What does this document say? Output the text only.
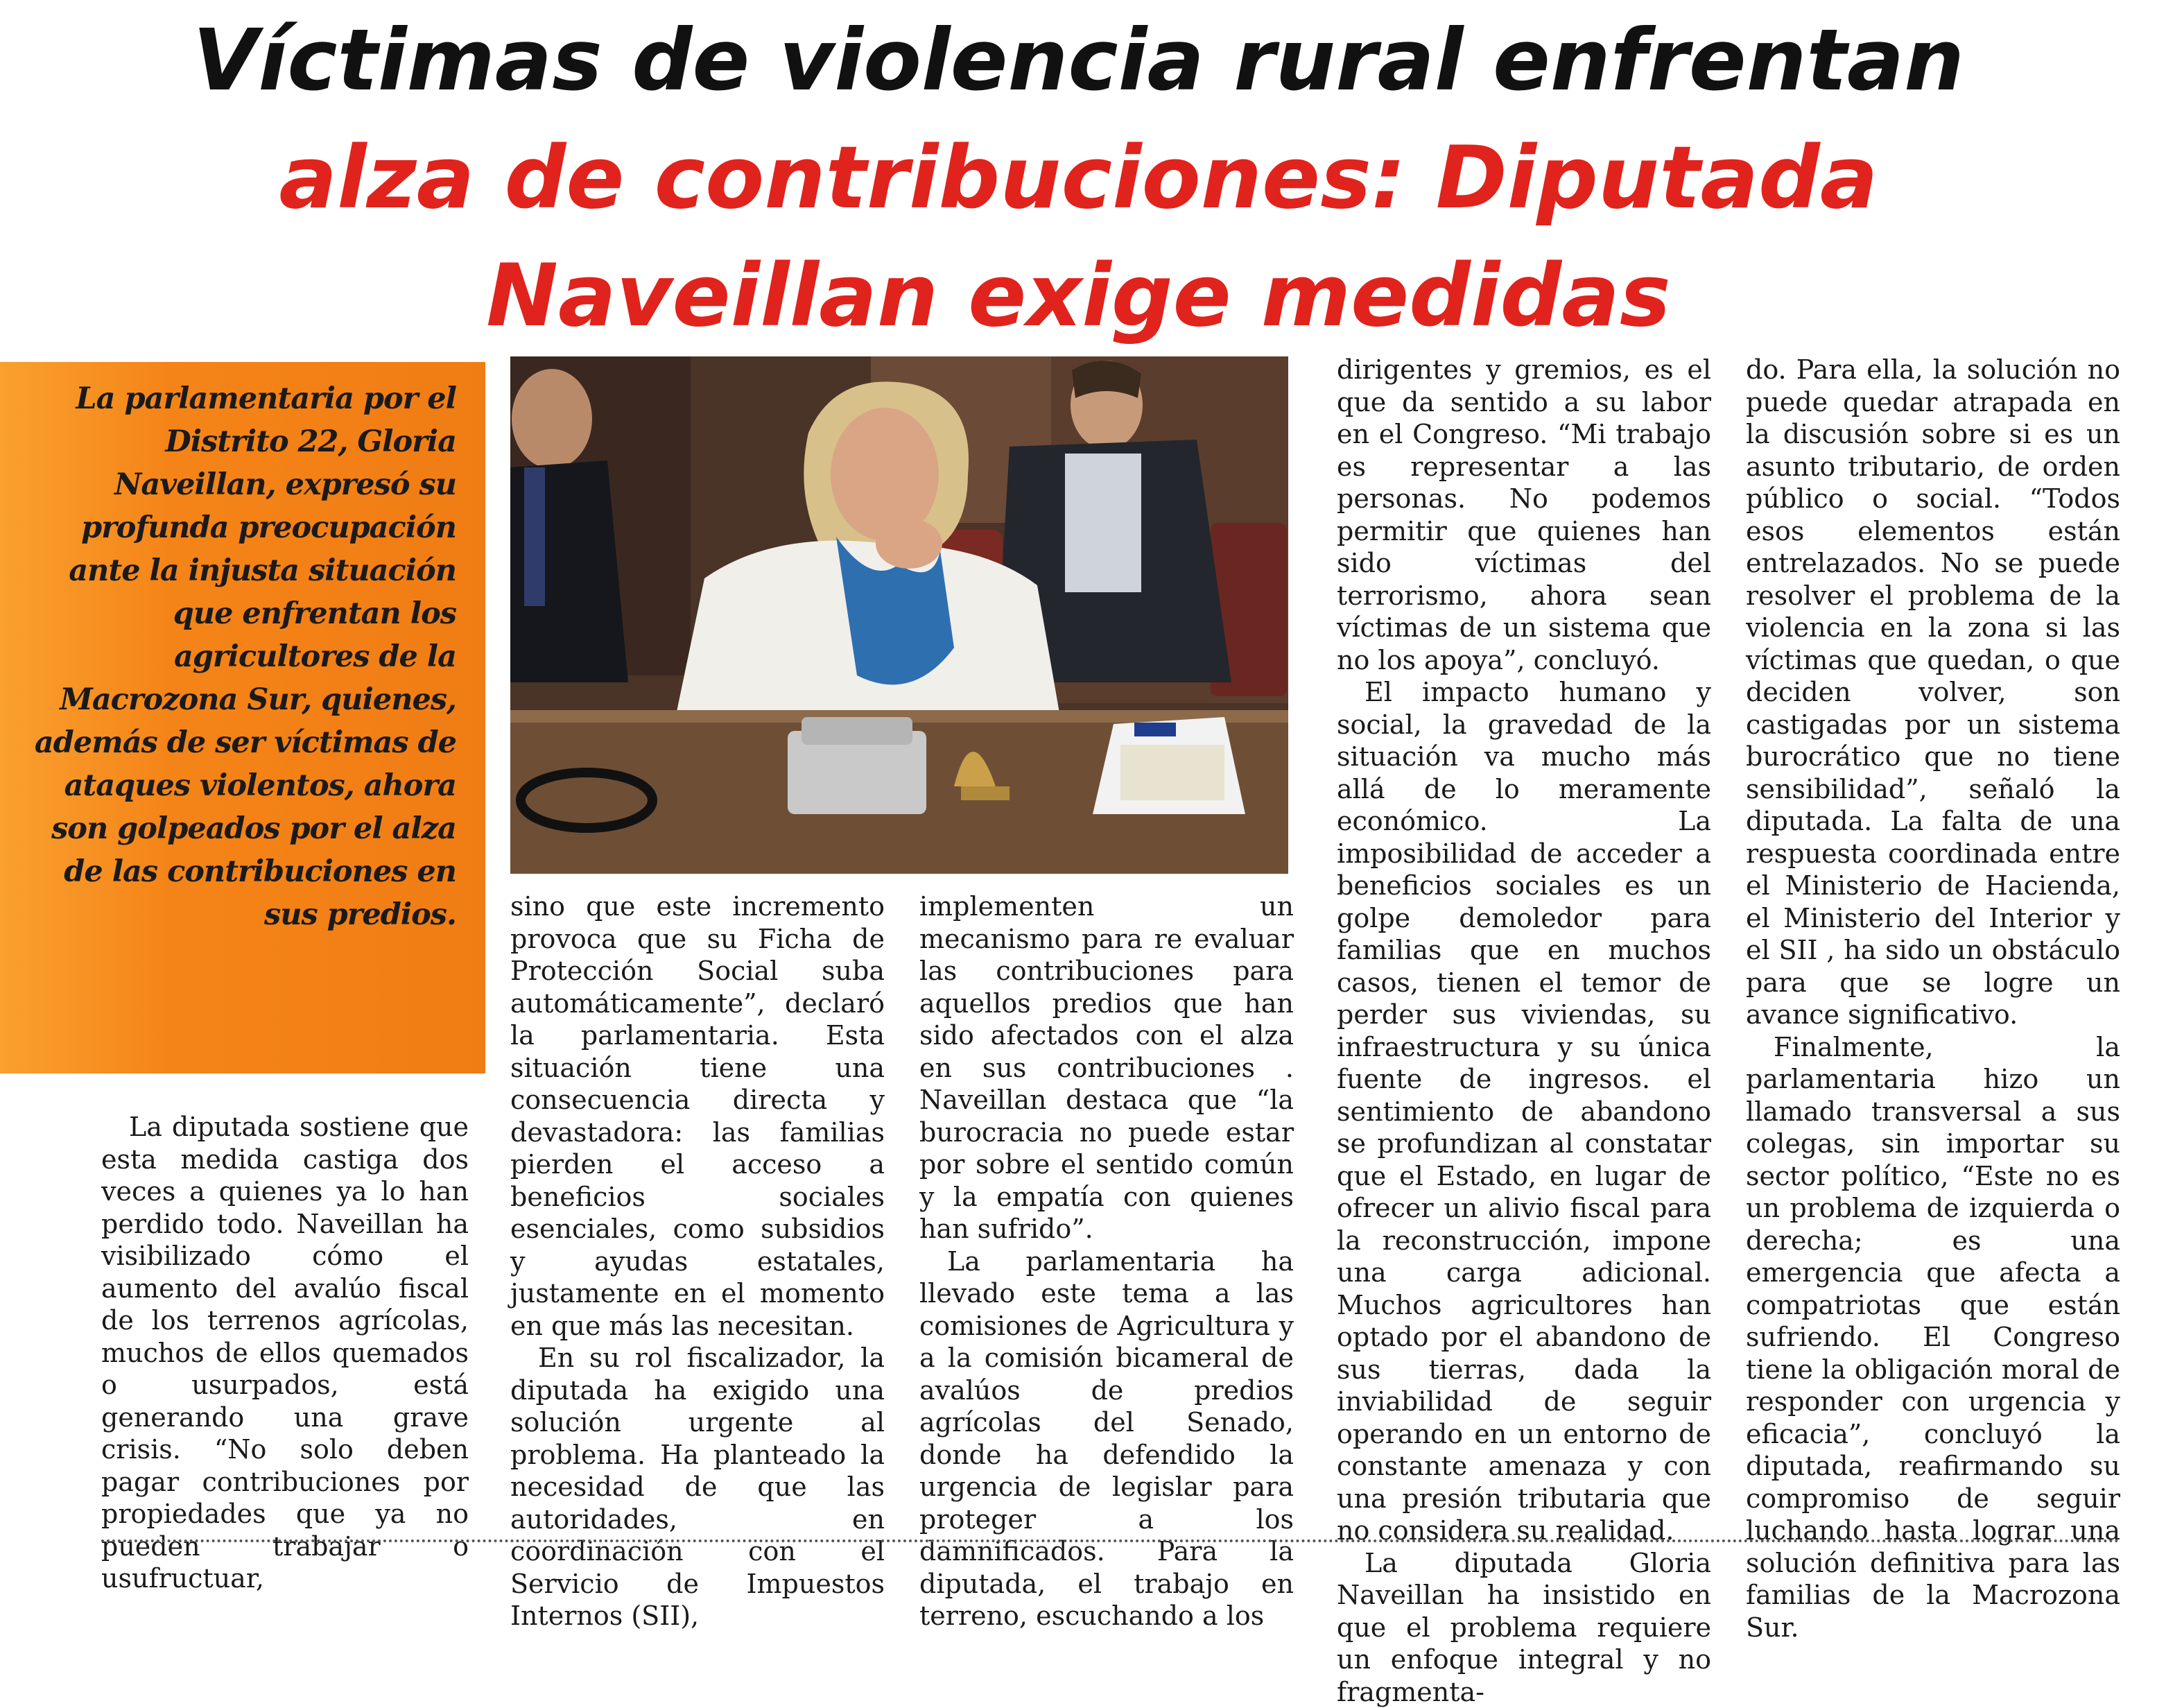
Víctimas de violencia rural enfrentan
alza de contribuciones: Diputada
Naveillan exige medidas

La parlamentaria por el Distrito 22, Gloria Naveillan, expresó su profunda preocupación ante la injusta situación que enfrentan los agricultores de la Macrozona Sur, quienes, además de ser víctimas de ataques violentos, ahora son golpeados por el alza de las contribuciones en sus predios.

La diputada sostiene que esta medida castiga dos veces a quienes ya lo han perdido todo. Naveillan ha visibilizado cómo el aumento del avalúo fiscal de los terrenos agrícolas, muchos de ellos quemados o usurpados, está generando una grave crisis. “No solo deben pagar contribuciones por propiedades que ya no pueden trabajar o usufructuar,

sino que este incremento provoca que su Ficha de Protección Social suba automáticamente”, declaró la parlamentaria. Esta situación tiene una consecuencia directa y devastadora: las familias pierden el acceso a beneficios sociales esenciales, como subsidios y ayudas estatales, justamente en el momento en que más las necesitan.

En su rol fiscalizador, la diputada ha exigido una solución urgente al problema. Ha planteado la necesidad de que las autoridades, en coordinación con el Servicio de Impuestos Internos (SII),

implementen un mecanismo para re evaluar las contribuciones para aquellos predios que han sido afectados con el alza en sus contribuciones . Naveillan destaca que “la burocracia no puede estar por sobre el sentido común y la empatía con quienes han sufrido”.

La parlamentaria ha llevado este tema a las comisiones de Agricultura y a la comisión bicameral de avalúos de predios agrícolas del Senado, donde ha defendido la urgencia de legislar para proteger a los damnificados. Para la diputada, el trabajo en terreno, escuchando a los

dirigentes y gremios, es el que da sentido a su labor en el Congreso. “Mi trabajo es representar a las personas. No podemos permitir que quienes han sido víctimas del terrorismo, ahora sean víctimas de un sistema que no los apoya”, concluyó.

El impacto humano y social, la gravedad de la situación va mucho más allá de lo meramente económico. La imposibilidad de acceder a beneficios sociales es un golpe demoledor para familias que en muchos casos, tienen el temor de perder sus viviendas, su infraestructura y su única fuente de ingresos. el sentimiento de abandono se profundizan al constatar que el Estado, en lugar de ofrecer un alivio fiscal para la reconstrucción, impone una carga adicional. Muchos agricultores han optado por el abandono de sus tierras, dada la inviabilidad de seguir operando en un entorno de constante amenaza y con una presión tributaria que no considera su realidad.

La diputada Gloria Naveillan ha insistido en que el problema requiere un enfoque integral y no fragmenta-

do. Para ella, la solución no puede quedar atrapada en la discusión sobre si es un asunto tributario, de orden público o social. “Todos esos elementos están entrelazados. No se puede resolver el problema de la violencia en la zona si las víctimas que quedan, o que deciden volver, son castigadas por un sistema burocrático que no tiene sensibilidad”, señaló la diputada. La falta de una respuesta coordinada entre el Ministerio de Hacienda, el Ministerio del Interior y el SII , ha sido un obstáculo para que se logre un avance significativo.

Finalmente, la parlamentaria hizo un llamado transversal a sus colegas, sin importar su sector político, “Este no es un problema de izquierda o derecha; es una emergencia que afecta a compatriotas que están sufriendo. El Congreso tiene la obligación moral de responder con urgencia y eficacia”, concluyó la diputada, reafirmando su compromiso de seguir luchando hasta lograr una solución definitiva para las familias de la Macrozona Sur.
